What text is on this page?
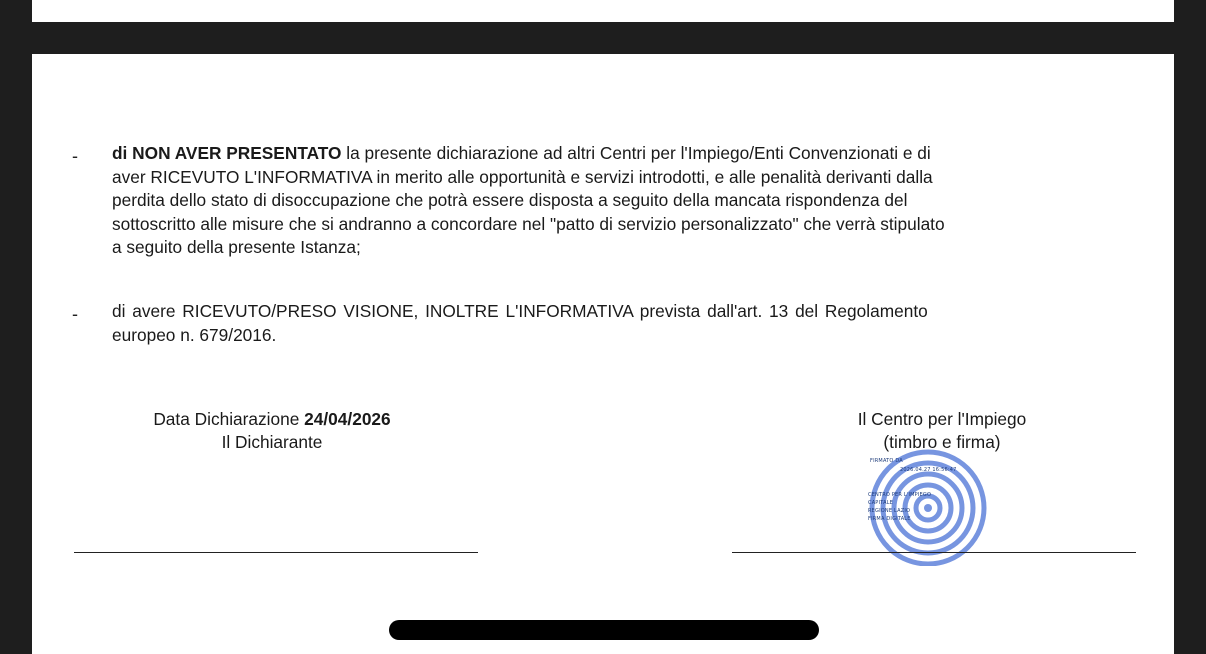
- di NON AVER PRESENTATO la presente dichiarazione ad altri Centri per l'Impiego/Enti Convenzionati e di
aver RICEVUTO L'INFORMATIVA in merito alle opportunità e servizi introdotti, e alle penalità derivanti dalla
perdita dello stato di disoccupazione che potrà essere disposta a seguito della mancata rispondenza del
sottoscritto alle misure che si andranno a concordare nel "patto di servizio personalizzato" che verrà stipulato
a seguito della presente Istanza;
- di avere RICEVUTO/PRESO VISIONE, INOLTRE L'INFORMATIVA prevista dall'art. 13 del Regolamento
europeo n. 679/2016.
Data Dichiarazione 24/04/2026
Il Dichiarante
Il Centro per l'Impiego
(timbro e firma)
FIRMATO DA
2026.04.27 16:56:47
CENTRO PER L'IMPIEGO
CAPITALE
REGIONE LAZIO
FIRMA DIGITALE
